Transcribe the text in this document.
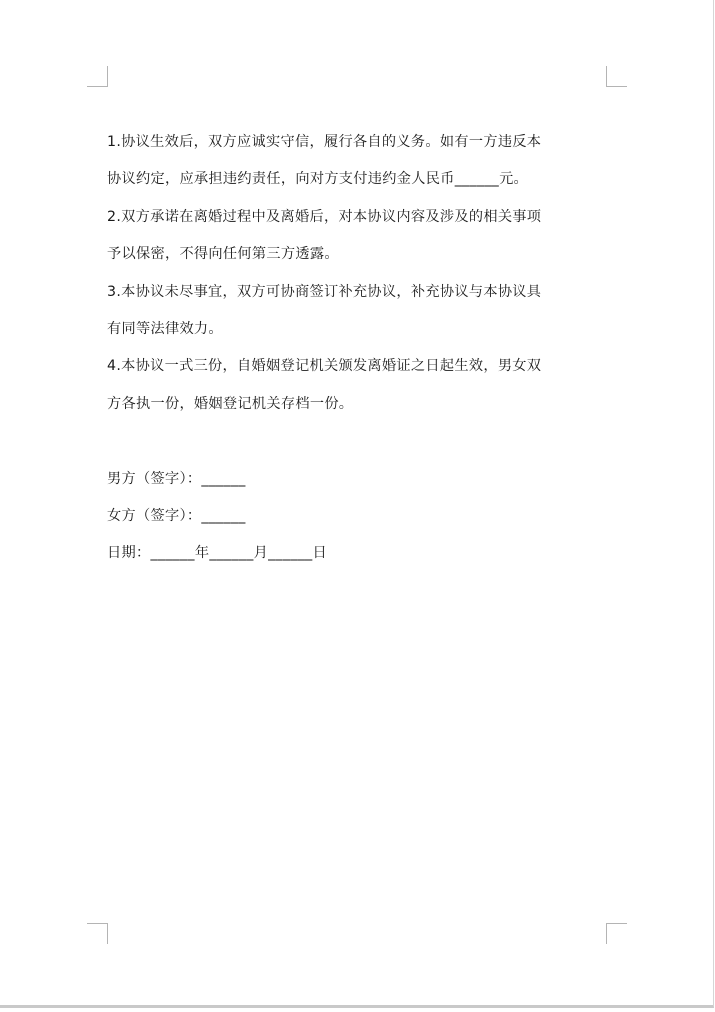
1.协议生效后，双方应诚实守信，履行各自的义务。如有一方违反本
协议约定，应承担违约责任，向对方支付违约金人民币______元。
2.双方承诺在离婚过程中及离婚后，对本协议内容及涉及的相关事项
予以保密，不得向任何第三方透露。
3.本协议未尽事宜，双方可协商签订补充协议，补充协议与本协议具
有同等法律效力。
4.本协议一式三份，自婚姻登记机关颁发离婚证之日起生效，男女双
方各执一份，婚姻登记机关存档一份。
男方（签字）：______
女方（签字）：______
日期：______年______月______日
